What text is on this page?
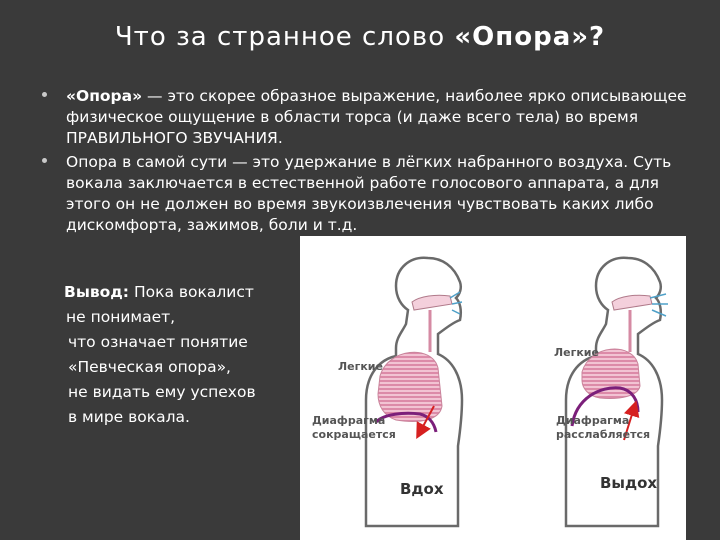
Что за странное слово «Опора»?
«Опора» — это скорее образное выражение, наиболее ярко описывающее физическое ощущение в области торса (и даже всего тела) во время ПРАВИЛЬНОГО ЗВУЧАНИЯ.
Опора в самой сути — это удержание в лёгких набранного воздуха. Суть вокала заключается в естественной работе голосового аппарата, а для этого он не должен во время звукоизвлечения чувствовать каких либо дискомфорта, зажимов, боли и т.д.
Вывод: Пока вокалист
не понимает,
что означает понятие
«Певческая опора»,
не видать ему успехов
в мире вокала.
Легкие
Диафрагма
сокращается
Вдох
Легкие
Диафрагма
расслабляется
Выдох
